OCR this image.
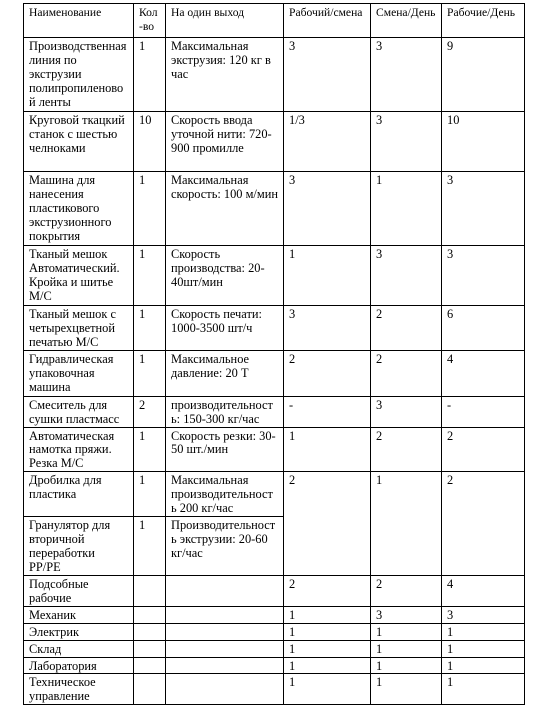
Наименование	Кол-во	На один выход	Рабочий/смена	Смена/День	Рабочие/День
Производственная линия по экструзии полипропиленовой ленты	1	Максимальная экструзия: 120 кг в час	3	3	9
Круговой ткацкий станок с шестью челноками	10	Скорость ввода уточной нити: 720-900 промилле	1/3	3	10
Машина для нанесения пластикового экструзионного покрытия	1	Максимальная скорость: 100 м/мин	3	1	3
Тканый мешок Автоматический. Кройка и шитье М/С	1	Скорость производства: 20-40шт/мин	1	3	3
Тканый мешок с четырехцветной печатью М/С	1	Скорость печати: 1000-3500 шт/ч	3	2	6
Гидравлическая упаковочная машина	1	Максимальное давление: 20 Т	2	2	4
Смеситель для сушки пластмасс	2	производительность: 150-300 кг/час	-	3	-
Автоматическая намотка пряжи. Резка М/С	1	Скорость резки: 30-50 шт./мин	1	2	2
Дробилка для пластика	1	Максимальная производительность 200 кг/час	2	1	2
Гранулятор для вторичной переработки PP/PE	1	Производительность экструзии: 20-60 кг/час			
Подсобные рабочие			2	2	4
Механик			1	3	3
Электрик			1	1	1
Склад			1	1	1
Лаборатория			1	1	1
Техническое управление			1	1	1
